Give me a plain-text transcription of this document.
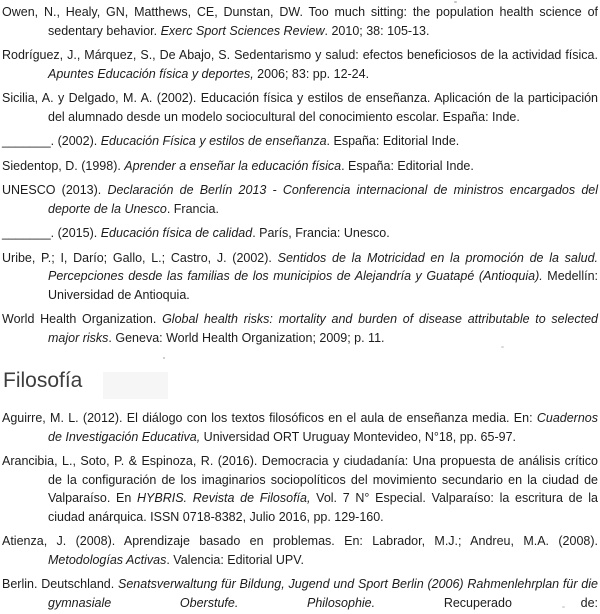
Owen, N., Healy, GN, Matthews, CE, Dunstan, DW. Too much sitting: the population health science of sedentary behavior. Exerc Sport Sciences Review. 2010; 38: 105-13.

Rodríguez, J., Márquez, S., De Abajo, S. Sedentarismo y salud: efectos beneficiosos de la actividad física. Apuntes Educación física y deportes, 2006; 83: pp. 12-24.

Sicilia, A. y Delgado, M. A. (2002). Educación física y estilos de enseñanza. Aplicación de la participación del alumnado desde un modelo sociocultural del conocimiento escolar. España: Inde.

_______. (2002). Educación Física y estilos de enseñanza. España: Editorial Inde.

Siedentop, D. (1998). Aprender a enseñar la educación física. España: Editorial Inde.

UNESCO (2013). Declaración de Berlín 2013 - Conferencia internacional de ministros encargados del deporte de la Unesco. Francia.

_______. (2015). Educación física de calidad. París, Francia: Unesco.

Uribe, P.; I, Darío; Gallo, L.; Castro, J. (2002). Sentidos de la Motricidad en la promoción de la salud. Percepciones desde las familias de los municipios de Alejandría y Guatapé (Antioquia). Medellín: Universidad de Antioquia.

World Health Organization. Global health risks: mortality and burden of disease attributable to selected major risks. Geneva: World Health Organization; 2009; p. 11.

Filosofía

Aguirre, M. L. (2012). El diálogo con los textos filosóficos en el aula de enseñanza media. En: Cuadernos de Investigación Educativa, Universidad ORT Uruguay Montevideo, N°18, pp. 65-97.

Arancibia, L., Soto, P. & Espinoza, R. (2016). Democracia y ciudadanía: Una propuesta de análisis crítico de la configuración de los imaginarios sociopolíticos del movimiento secundario en la ciudad de Valparaíso. En HYBRIS. Revista de Filosofía, Vol. 7 N° Especial. Valparaíso: la escritura de la ciudad anárquica. ISSN 0718-8382, Julio 2016, pp. 129-160.

Atienza, J. (2008). Aprendizaje basado en problemas. En: Labrador, M.J.; Andreu, M.A. (2008). Metodologías Activas. Valencia: Editorial UPV.

Berlin. Deutschland. Senatsverwaltung für Bildung, Jugend und Sport Berlin (2006) Rahmenlehrplan für die gymnasiale Oberstufe. Philosophie. Recuperado de:
